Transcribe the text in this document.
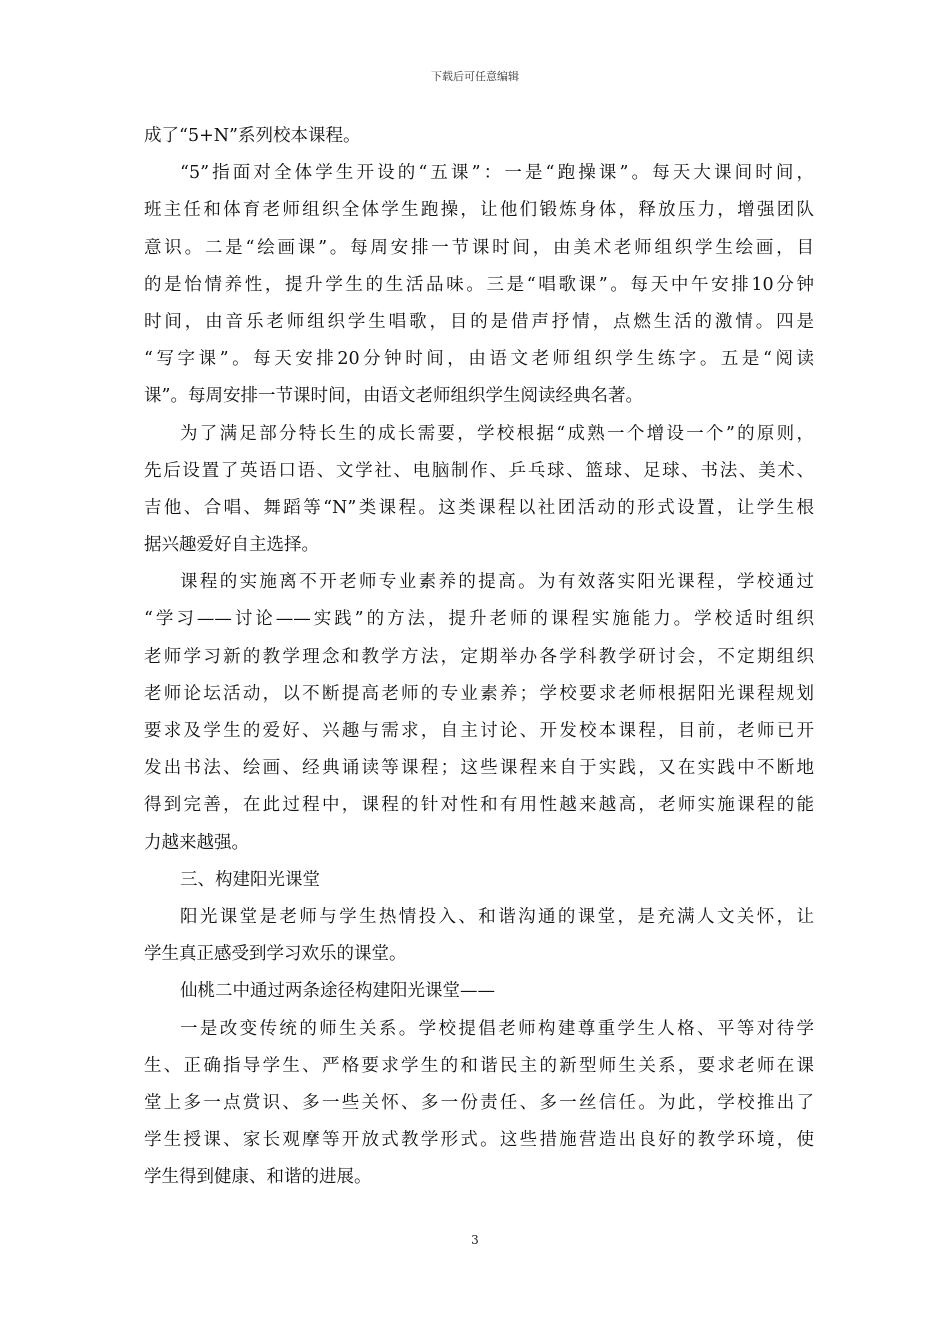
下载后可任意编辑
成了“5+N”系列校本课程。
“5”指面对全体学生开设的“五课”：一是“跑操课”。每天大课间时间，
班主任和体育老师组织全体学生跑操，让他们锻炼身体，释放压力，增强团队
意识。二是“绘画课”。每周安排一节课时间，由美术老师组织学生绘画，目
的是怡情养性，提升学生的生活品味。三是“唱歌课”。每天中午安排10分钟
时间，由音乐老师组织学生唱歌，目的是借声抒情，点燃生活的激情。四是
“写字课”。每天安排20分钟时间，由语文老师组织学生练字。五是“阅读
课”。每周安排一节课时间，由语文老师组织学生阅读经典名著。
为了满足部分特长生的成长需要，学校根据“成熟一个增设一个”的原则，
先后设置了英语口语、文学社、电脑制作、乒乓球、篮球、足球、书法、美术、
吉他、合唱、舞蹈等“N”类课程。这类课程以社团活动的形式设置，让学生根
据兴趣爱好自主选择。
课程的实施离不开老师专业素养的提高。为有效落实阳光课程，学校通过
“学习——讨论——实践”的方法，提升老师的课程实施能力。学校适时组织
老师学习新的教学理念和教学方法，定期举办各学科教学研讨会，不定期组织
老师论坛活动，以不断提高老师的专业素养；学校要求老师根据阳光课程规划
要求及学生的爱好、兴趣与需求，自主讨论、开发校本课程，目前，老师已开
发出书法、绘画、经典诵读等课程；这些课程来自于实践，又在实践中不断地
得到完善，在此过程中，课程的针对性和有用性越来越高，老师实施课程的能
力越来越强。
三、构建阳光课堂
阳光课堂是老师与学生热情投入、和谐沟通的课堂，是充满人文关怀，让
学生真正感受到学习欢乐的课堂。
仙桃二中通过两条途径构建阳光课堂——
一是改变传统的师生关系。学校提倡老师构建尊重学生人格、平等对待学
生、正确指导学生、严格要求学生的和谐民主的新型师生关系，要求老师在课
堂上多一点赏识、多一些关怀、多一份责任、多一丝信任。为此，学校推出了
学生授课、家长观摩等开放式教学形式。这些措施营造出良好的教学环境，使
学生得到健康、和谐的进展。
3
